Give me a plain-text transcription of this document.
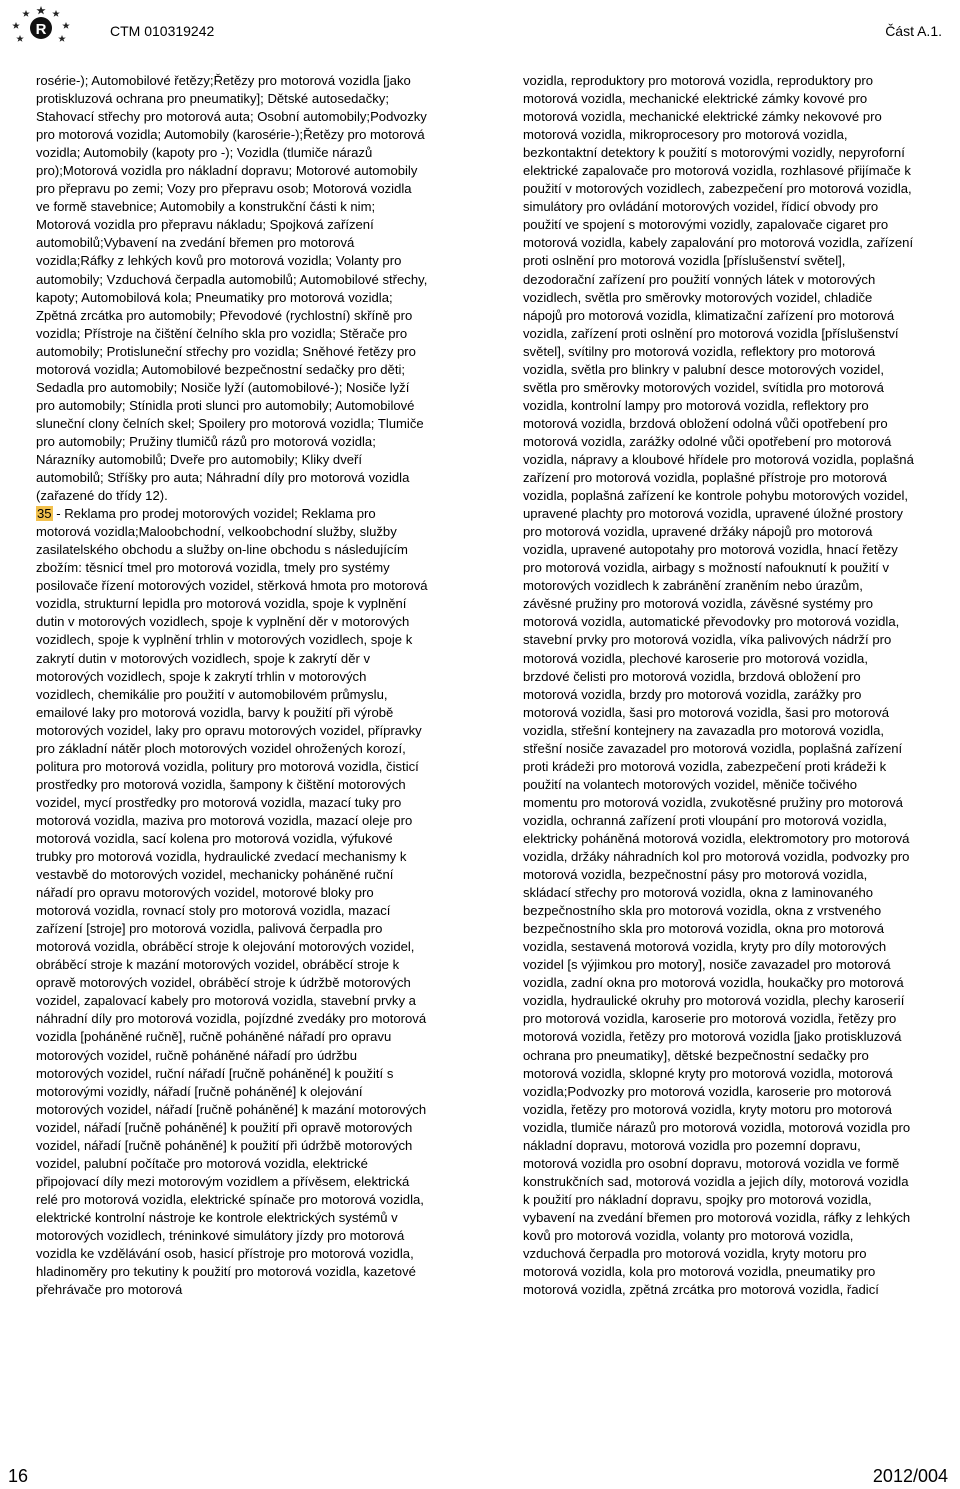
R	CTM 010319242	Část A.1.

rosérie-); Automobilové řetězy;Řetězy pro motorová vozidla [jako protiskluzová ochrana pro pneumatiky]; Dětské autosedačky; Stahovací střechy pro motorová auta; Osobní automobily;Podvozky pro motorová vozidla; Automobily (karosérie-);Řetězy pro motorová vozidla; Automobily (kapoty pro -); Vozidla (tlumiče nárazů pro);Motorová vozidla pro nákladní dopravu; Motorové automobily pro přepravu po zemi; Vozy pro přepravu osob; Motorová vozidla ve formě stavebnice; Automobily a konstrukční části k nim; Motorová vozidla pro přepravu nákladu; Spojková zařízení automobilů;Vybavení na zvedání břemen pro motorová vozidla;Ráfky z lehkých kovů pro motorová vozidla; Volanty pro automobily; Vzduchová čerpadla automobilů; Automobilové střechy, kapoty; Automobilová kola; Pneumatiky pro motorová vozidla; Zpětná zrcátka pro automobily; Převodové (rychlostní) skříně pro vozidla; Přístroje na čištění čelního skla pro vozidla; Stěrače pro automobily; Protisluneční střechy pro vozidla; Sněhové řetězy pro motorová vozidla; Automobilové bezpečnostní sedačky pro děti; Sedadla pro automobily; Nosiče lyží (automobilové-); Nosiče lyží pro automobily; Stínidla proti slunci pro automobily; Automobilové sluneční clony čelních skel; Spoilery pro motorová vozidla; Tlumiče pro automobily; Pružiny tlumičů rázů pro motorová vozidla; Nárazníky automobilů; Dveře pro automobily; Kliky dveří automobilů; Stříšky pro auta; Náhradní díly pro motorová vozidla (zařazené do třídy 12).

35 - Reklama pro prodej motorových vozidel; Reklama pro motorová vozidla;Maloobchodní, velkoobchodní služby, služby zasilatelského obchodu a služby on-line obchodu s následujícím zbožím: těsnicí tmel pro motorová vozidla, tmely pro systémy posilovače řízení motorových vozidel, stěrková hmota pro motorová vozidla, strukturní lepidla pro motorová vozidla, spoje k vyplnění dutin v motorových vozidlech, spoje k vyplnění děr v motorových vozidlech, spoje k vyplnění trhlin v motorových vozidlech, spoje k zakrytí dutin v motorových vozidlech, spoje k zakrytí děr v motorových vozidlech, spoje k zakrytí trhlin v motorových vozidlech, chemikálie pro použití v automobilovém průmyslu, emailové laky pro motorová vozidla, barvy k použití při výrobě motorových vozidel, laky pro opravu motorových vozidel, přípravky pro základní nátěr ploch motorových vozidel ohrožených korozí, politura pro motorová vozidla, politury pro motorová vozidla, čisticí prostředky pro motorová vozidla, šampony k čištění motorových vozidel, mycí prostředky pro motorová vozidla, mazací tuky pro motorová vozidla, maziva pro motorová vozidla, mazací oleje pro motorová vozidla, sací kolena pro motorová vozidla, výfukové trubky pro motorová vozidla, hydraulické zvedací mechanismy k vestavbě do motorových vozidel, mechanicky poháněné ruční nářadí pro opravu motorových vozidel, motorové bloky pro motorová vozidla, rovnací stoly pro motorová vozidla, mazací zařízení [stroje] pro motorová vozidla, palivová čerpadla pro motorová vozidla, obráběcí stroje k olejování motorových vozidel, obráběcí stroje k mazání motorových vozidel, obráběcí stroje k opravě motorových vozidel, obráběcí stroje k údržbě motorových vozidel, zapalovací kabely pro motorová vozidla, stavební prvky a náhradní díly pro motorová vozidla, pojízdné zvedáky pro motorová vozidla [poháněné ručně], ručně poháněné nářadí pro opravu motorových vozidel, ručně poháněné nářadí pro údržbu motorových vozidel, ruční nářadí [ručně poháněné] k použití s motorovými vozidly, nářadí [ručně poháněné] k olejování motorových vozidel, nářadí [ručně poháněné] k mazání motorových vozidel, nářadí [ručně poháněné] k použití při opravě motorových vozidel, nářadí [ručně poháněné] k použití při údržbě motorových vozidel, palubní počítače pro motorová vozidla, elektrické připojovací díly mezi motorovým vozidlem a přívěsem, elektrická relé pro motorová vozidla, elektrické spínače pro motorová vozidla, elektrické kontrolní nástroje ke kontrole elektrických systémů v motorových vozidlech, tréninkové simulátory jízdy pro motorová vozidla ke vzdělávání osob, hasicí přístroje pro motorová vozidla, hladinoměry pro tekutiny k použití pro motorová vozidla, kazetové přehrávače pro motorová

vozidla, reproduktory pro motorová vozidla, reproduktory pro motorová vozidla, mechanické elektrické zámky kovové pro motorová vozidla, mechanické elektrické zámky nekovové pro motorová vozidla, mikroprocesory pro motorová vozidla, bezkontaktní detektory k použití s motorovými vozidly, nepyroforní elektrické zapalovače pro motorová vozidla, rozhlasové přijímače k použití v motorových vozidlech, zabezpečení pro motorová vozidla, simulátory pro ovládání motorových vozidel, řídicí obvody pro použití ve spojení s motorovými vozidly, zapalovače cigaret pro motorová vozidla, kabely zapalování pro motorová vozidla, zařízení proti oslnění pro motorová vozidla [příslušenství světel], dezodorační zařízení pro použití vonných látek v motorových vozidlech, světla pro směrovky motorových vozidel, chladiče nápojů pro motorová vozidla, klimatizační zařízení pro motorová vozidla, zařízení proti oslnění pro motorová vozidla [příslušenství světel], svítilny pro motorová vozidla, reflektory pro motorová vozidla, světla pro blinkry v palubní desce motorových vozidel, světla pro směrovky motorových vozidel, svítidla pro motorová vozidla, kontrolní lampy pro motorová vozidla, reflektory pro motorová vozidla, brzdová obložení odolná vůči opotřebení pro motorová vozidla, zarážky odolné vůči opotřebení pro motorová vozidla, nápravy a kloubové hřídele pro motorová vozidla, poplašná zařízení pro motorová vozidla, poplašné přístroje pro motorová vozidla, poplašná zařízení ke kontrole pohybu motorových vozidel, upravené plachty pro motorová vozidla, upravené úložné prostory pro motorová vozidla, upravené držáky nápojů pro motorová vozidla, upravené autopotahy pro motorová vozidla, hnací řetězy pro motorová vozidla, airbagy s možností nafouknutí k použití v motorových vozidlech k zabránění zraněním nebo úrazům, závěsné pružiny pro motorová vozidla, závěsné systémy pro motorová vozidla, automatické převodovky pro motorová vozidla, stavební prvky pro motorová vozidla, víka palivových nádrží pro motorová vozidla, plechové karoserie pro motorová vozidla, brzdové čelisti pro motorová vozidla, brzdová obložení pro motorová vozidla, brzdy pro motorová vozidla, zarážky pro motorová vozidla, šasi pro motorová vozidla, šasi pro motorová vozidla, střešní kontejnery na zavazadla pro motorová vozidla, střešní nosiče zavazadel pro motorová vozidla, poplašná zařízení proti krádeži pro motorová vozidla, zabezpečení proti krádeži k použití na volantech motorových vozidel, měniče točivého momentu pro motorová vozidla, zvukotěsné pružiny pro motorová vozidla, ochranná zařízení proti vloupání pro motorová vozidla, elektricky poháněná motorová vozidla, elektromotory pro motorová vozidla, držáky náhradních kol pro motorová vozidla, podvozky pro motorová vozidla, bezpečnostní pásy pro motorová vozidla, skládací střechy pro motorová vozidla, okna z laminovaného bezpečnostního skla pro motorová vozidla, okna z vrstveného bezpečnostního skla pro motorová vozidla, okna pro motorová vozidla, sestavená motorová vozidla, kryty pro díly motorových vozidel [s výjimkou pro motory], nosiče zavazadel pro motorová vozidla, zadní okna pro motorová vozidla, houkačky pro motorová vozidla, hydraulické okruhy pro motorová vozidla, plechy karoserií pro motorová vozidla, karoserie pro motorová vozidla, řetězy pro motorová vozidla, řetězy pro motorová vozidla [jako protiskluzová ochrana pro pneumatiky], dětské bezpečnostní sedačky pro motorová vozidla, sklopné kryty pro motorová vozidla, motorová vozidla;Podvozky pro motorová vozidla, karoserie pro motorová vozidla, řetězy pro motorová vozidla, kryty motoru pro motorová vozidla, tlumiče nárazů pro motorová vozidla, motorová vozidla pro nákladní dopravu, motorová vozidla pro pozemní dopravu, motorová vozidla pro osobní dopravu, motorová vozidla ve formě konstrukčních sad, motorová vozidla a jejich díly, motorová vozidla k použití pro nákladní dopravu, spojky pro motorová vozidla, vybavení na zvedání břemen pro motorová vozidla, ráfky z lehkých kovů pro motorová vozidla, volanty pro motorová vozidla, vzduchová čerpadla pro motorová vozidla, kryty motoru pro motorová vozidla, kola pro motorová vozidla, pneumatiky pro motorová vozidla, zpětná zrcátka pro motorová vozidla, řadicí

16	2012/004
